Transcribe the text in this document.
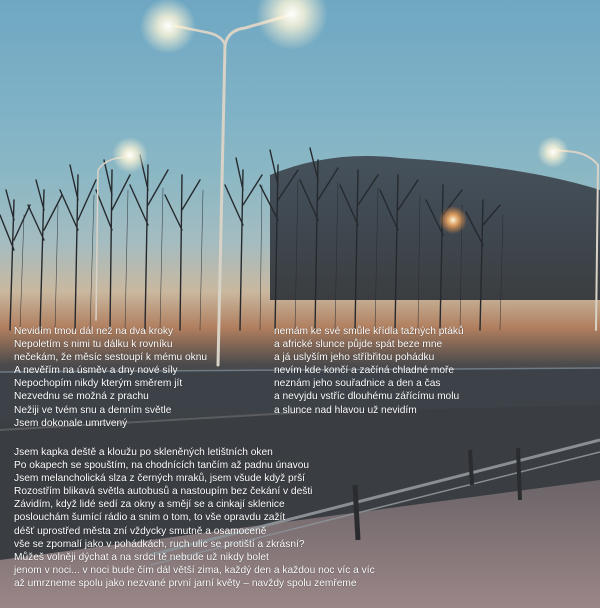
Nevidím tmou dál než na dva kroky
Nepoletím s nimi tu dálku k rovníku
nečekám, že měsíc sestoupí k mému oknu
A nevěřím na úsměv a dny nové síly
Nepochopím nikdy kterým směrem jít
Nezvednu se možná z prachu
Nežiji ve tvém snu a denním světle
Jsem dokonale umrtvený
nemám ke své smůle křídla tažných ptáků
a africké slunce půjde spát beze mne
a já uslyším jeho stříbřitou pohádku
nevím kde končí a začíná chladné moře
neznám jeho souřadnice a den a čas
a nevyjdu vstříc dlouhému zářícímu molu
a slunce nad hlavou už nevidím
Jsem kapka deště a kloužu po skleněných letištních oken
Po okapech se spouštím, na chodnících tančím až padnu únavou
Jsem melancholická slza z černých mraků, jsem všude když prší
Rozostřím blikavá světla autobusů a nastoupím bez čekání v dešti
Závidím, když lidé sedí za okny a smějí se a cinkají sklenice
poslouchám šumící rádio a snim o tom, to vše opravdu zažít
déšť uprostřed města zní vždycky smutně a osamoceně
vše se zpomalí jako v pohádkách, ruch ulic se protiští a zkrásní?
Můžeš volněji dýchat a na srdci tě nebude už nikdy bolet
jenom v noci... v noci bude čím dál větší zima, každý den a každou noc víc a víc
až umrzneme spolu jako nezvané první jarní květy – navždy spolu zemřeme
